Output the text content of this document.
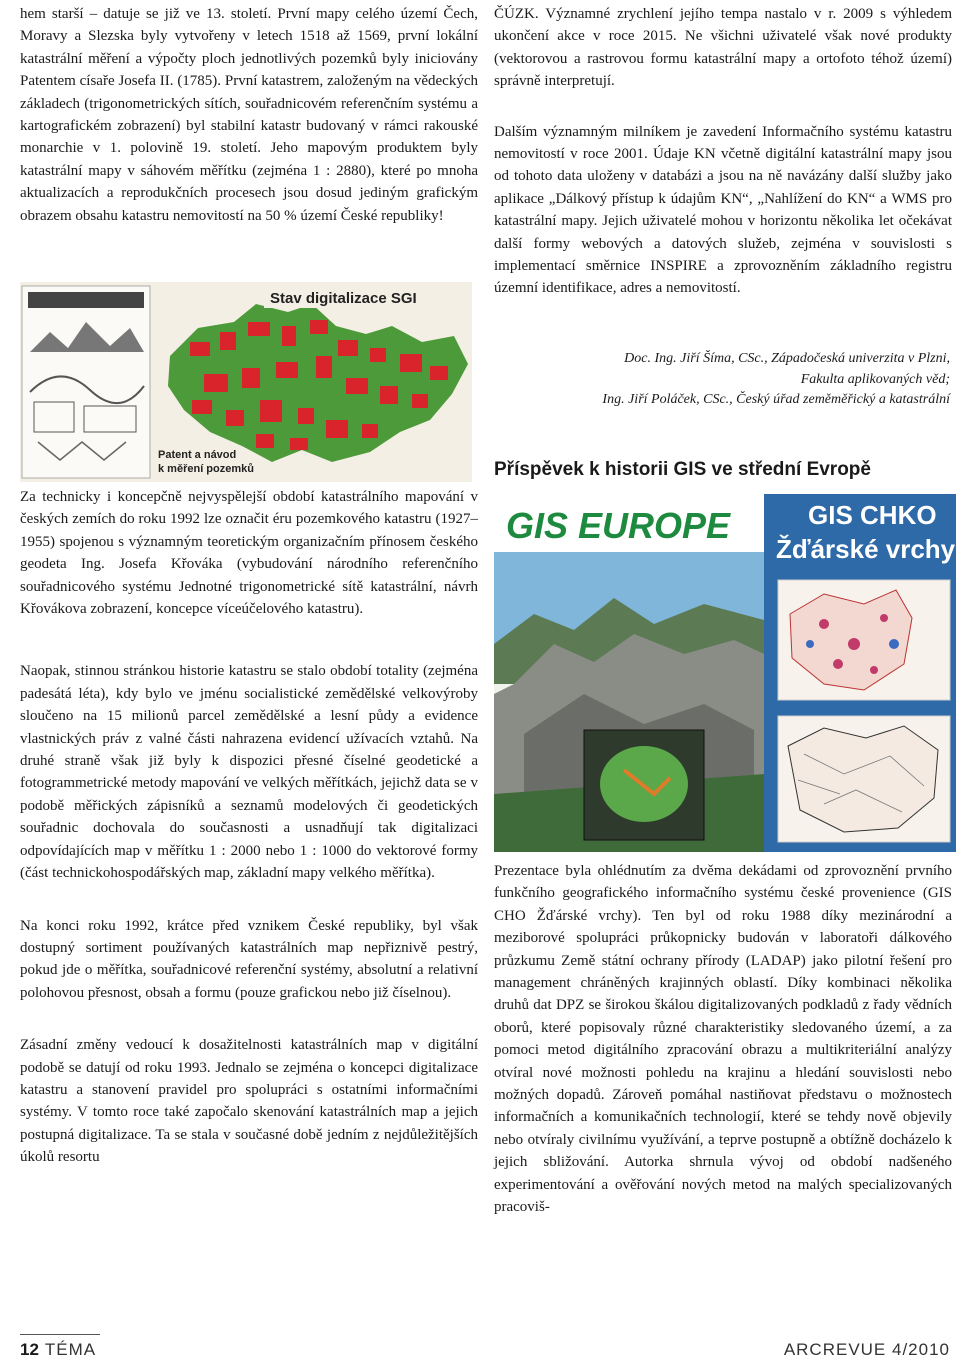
hem starší – datuje se již ve 13. století. První mapy celého území Čech, Moravy a Slezska byly vytvořeny v letech 1518 až 1569, první lokální katastrální měření a výpočty ploch jednotlivých pozemků byly iniciovány Patentem císaře Josefa II. (1785). První katastrem, založeným na vědeckých základech (trigonometrických sítích, souřadnicovém referenčním systému a kartografickém zobrazení) byl stabilní katastr budovaný v rámci rakouské monarchie v 1. polovině 19. století. Jeho mapovým produktem byly katastrální mapy v sáhovém měřítku (zejména 1 : 2880), které po mnoha aktualizacích a reprodukčních procesech jsou dosud jediným grafickým obrazem obsahu katastru nemovitostí na 50 % území České republiky!

Stav digitalizace SGI
Patent a návod
k měření pozemků

Za technicky i koncepčně nejvyspělejší období katastrálního mapování v českých zemích do roku 1992 lze označit éru pozemkového katastru (1927–1955) spojenou s významným teoretickým organizačním přínosem českého geodeta Ing. Josefa Křováka (vybudování národního referenčního souřadnicového systému Jednotné trigonometrické sítě katastrální, návrh Křovákova zobrazení, koncepce víceúčelového katastru).

Naopak, stinnou stránkou historie katastru se stalo období totality (zejména padesátá léta), kdy bylo ve jménu socialistické zemědělské velkovýroby sloučeno na 15 milionů parcel zemědělské a lesní půdy a evidence vlastnických práv z valné části nahrazena evidencí užívacích vztahů. Na druhé straně však již byly k dispozici přesné číselné geodetické a fotogrammetrické metody mapování ve velkých měřítkách, jejichž data se v podobě měřických zápisníků a seznamů modelových či geodetických souřadnic dochovala do současnosti a usnadňují tak digitalizaci odpovídajících map v měřítku 1 : 2000 nebo 1 : 1000 do vektorové formy (část technickohospodářských map, základní mapy velkého měřítka).

Na konci roku 1992, krátce před vznikem České republiky, byl však dostupný sortiment používaných katastrálních map nepřiznivě pestrý, pokud jde o měřítka, souřadnicové referenční systémy, absolutní a relativní polohovou přesnost, obsah a formu (pouze grafickou nebo již číselnou).

Zásadní změny vedoucí k dosažitelnosti katastrálních map v digitální podobě se datují od roku 1993. Jednalo se zejména o koncepci digitalizace katastru a stanovení pravidel pro spolupráci s ostatními informačními systémy. V tomto roce také započalo skenování katastrálních map a jejich postupná digitalizace. Ta se stala v současné době jedním z nejdůležitějších úkolů resortu

ČÚZK. Významné zrychlení jejího tempa nastalo v r. 2009 s výhledem ukončení akce v roce 2015. Ne všichni uživatelé však nové produkty (vektorovou a rastrovou formu katastrální mapy a ortofoto téhož území) správně interpretují.

Dalším významným milníkem je zavedení Informačního systému katastru nemovitostí v roce 2001. Údaje KN včetně digitální katastrální mapy jsou od tohoto data uloženy v databázi a jsou na ně navázány další služby jako aplikace „Dálkový přístup k údajům KN“, „Nahlížení do KN“ a WMS pro katastrální mapy. Jejich uživatelé mohou v horizontu několika let očekávat další formy webových a datových služeb, zejména v souvislosti s implementací směrnice INSPIRE a zprovozněním základního registru územní identifikace, adres a nemovitostí.

Doc. Ing. Jiří Šíma, CSc., Západočeská univerzita v Plzni,
Fakulta aplikovaných věd;
Ing. Jiří Poláček, CSc., Český úřad zeměměřický a katastrální
Příspěvek k historii GIS ve střední Evropě
GIS EUROPE	GIS CHKO
Žďárské vrchy

Prezentace byla ohlédnutím za dvěma dekádami od zprovoznění prvního funkčního geografického informačního systému české provenience (GIS CHO Žďárské vrchy). Ten byl od roku 1988 díky mezinárodní a meziborové spolupráci průkopnicky budován v laboratoři dálkového průzkumu Země státní ochrany přírody (LADAP) jako pilotní řešení pro management chráněných krajinných oblastí. Díky kombinaci několika druhů dat DPZ se širokou škálou digitalizovaných podkladů z řady vědních oborů, které popisovaly různé charakteristiky sledovaného území, a za pomoci metod digitálního zpracování obrazu a multikriteriální analýzy otvíral nové možnosti pohledu na krajinu a hledání souvislosti nebo možných dopadů. Zároveň pomáhal nastiňovat představu o možnostech informačních a komunikačních technologií, které se tehdy nově objevily nebo otvíraly civilnímu využívání, a teprve postupně a obtížně docházelo k jejich sbližování. Autorka shrnula vývoj od období nadšeného experimentování a ověřování nových metod na malých specializovaných pracoviš-

12 TÉMA	ARCREVUE 4/2010
